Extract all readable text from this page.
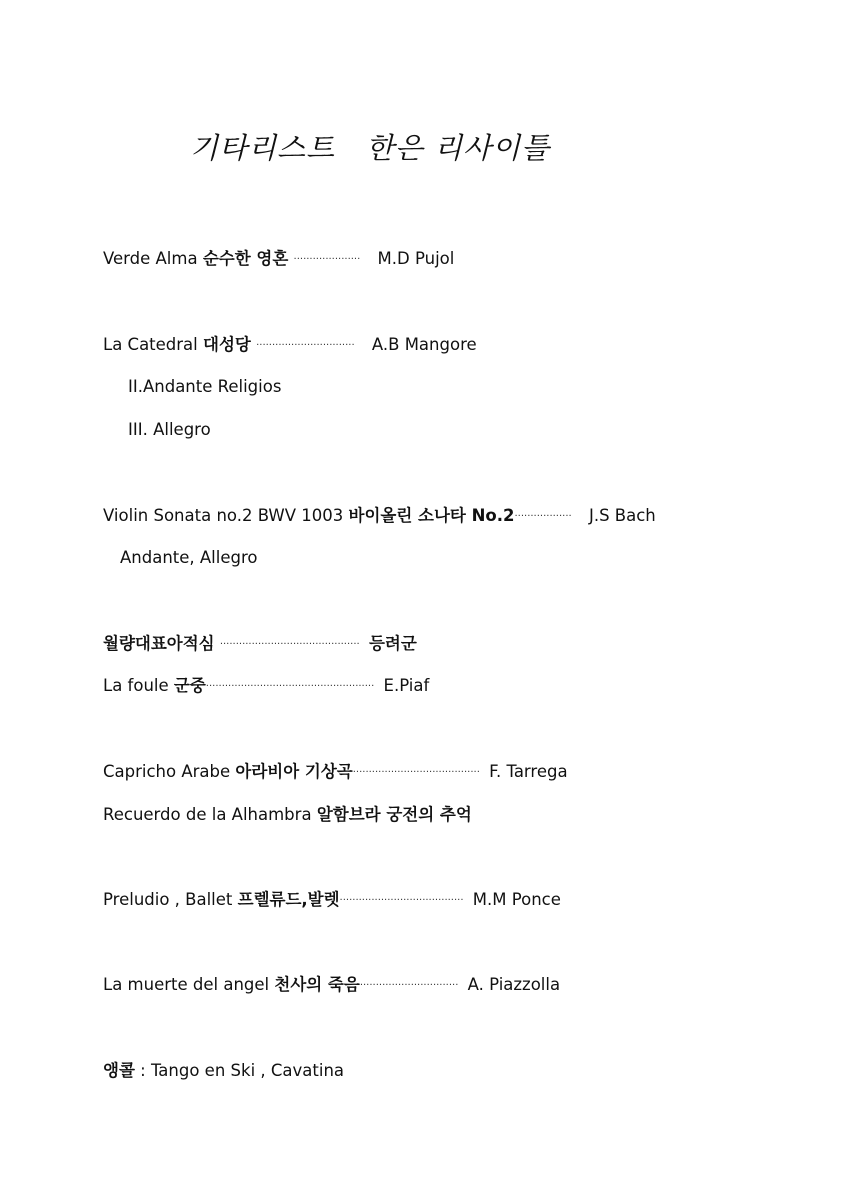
기타리스트   한은 리사이틀
Verde Alma 순수한 영혼 ····················· M.D Pujol
La Catedral 대성당 ······························· A.B Mangore
II.Andante Religios
III. Allegro
Violin Sonata no.2 BWV 1003 바이올린 소나타 No.2·················· J.S Bach
Andante, Allegro
월량대표아적심 ············································ 등려군
La foule 군중····················································· E.Piaf
Capricho Arabe 아라비아 기상곡········································ F. Tarrega
Recuerdo de la Alhambra 알함브라 궁전의 추억
Preludio , Ballet 프렐류드,발렛······································· M.M Ponce
La muerte del angel 천사의 죽음······························· A. Piazzolla
앵콜 : Tango en Ski , Cavatina
